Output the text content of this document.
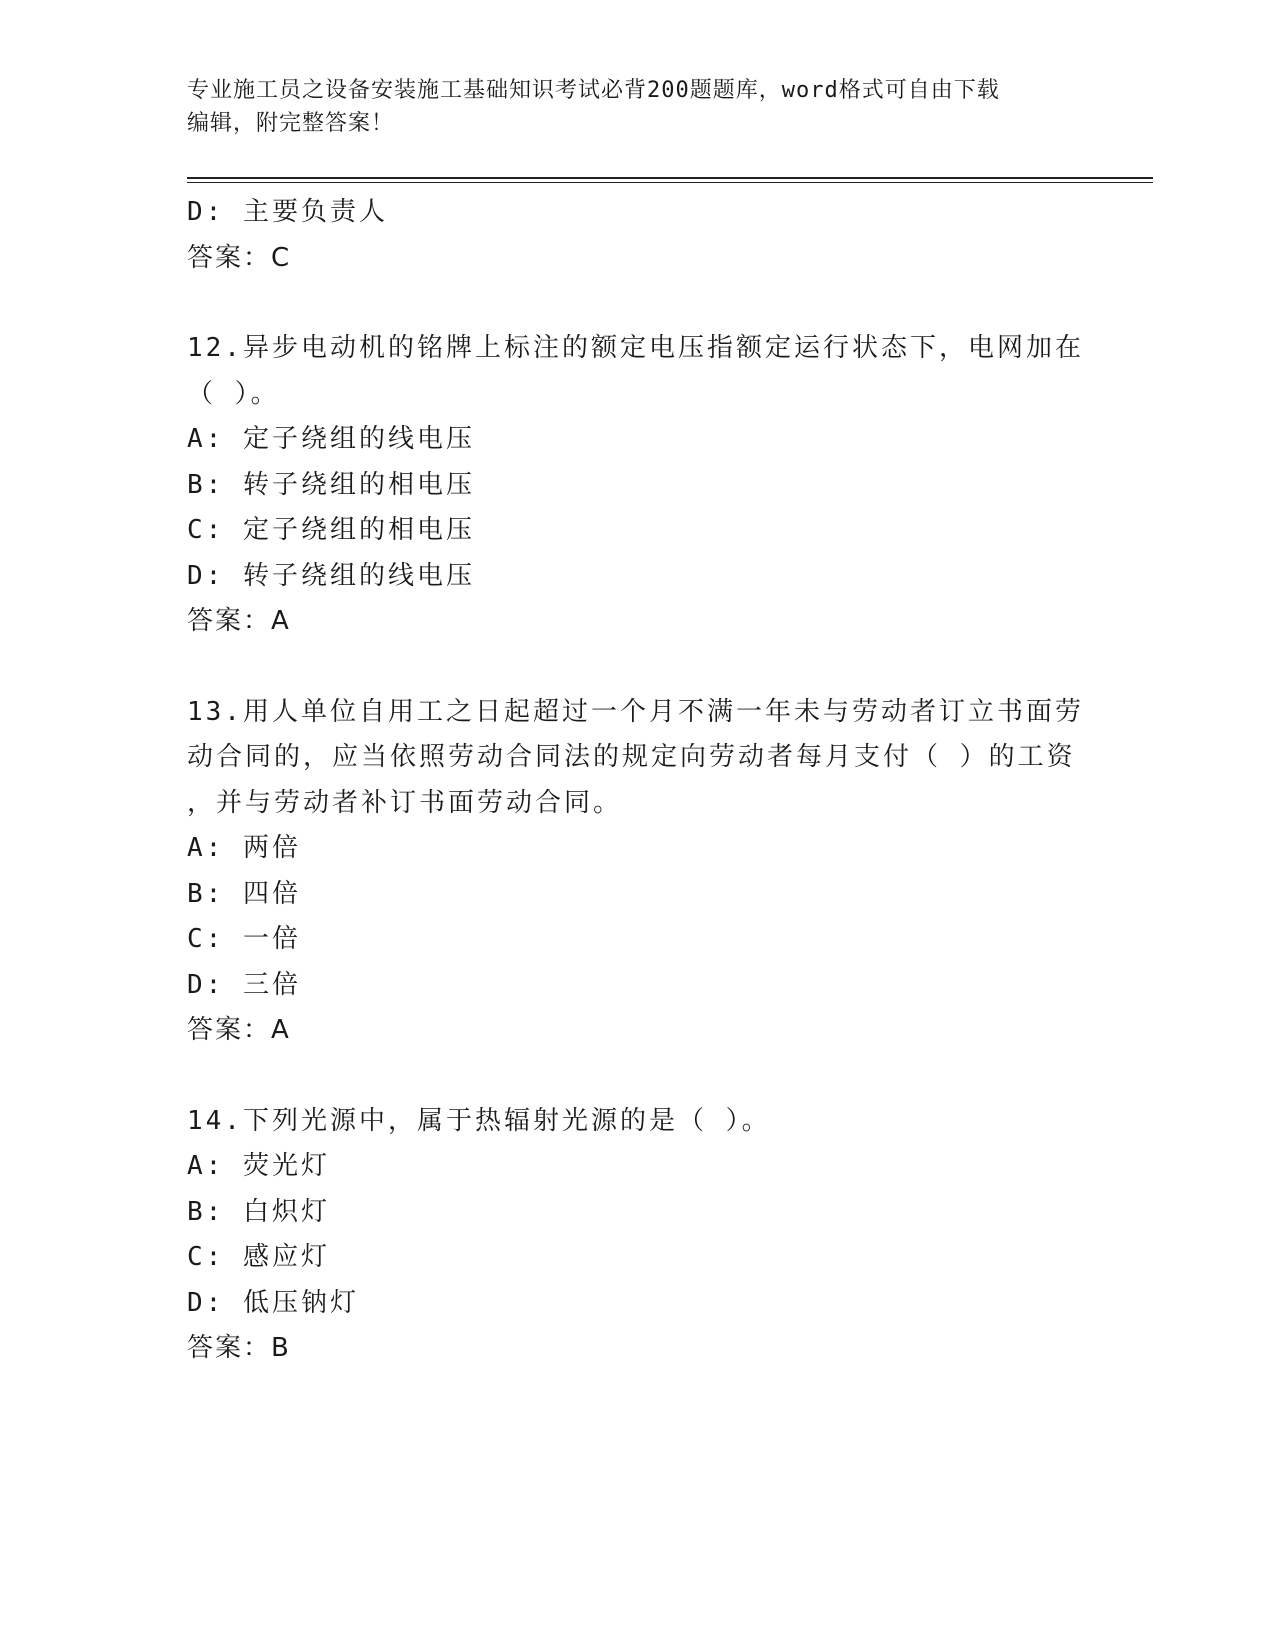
专业施工员之设备安装施工基础知识考试必背200题题库，word格式可自由下载
编辑，附完整答案！
D: 主要负责人
答案：C
12.异步电动机的铭牌上标注的额定电压指额定运行状态下，电网加在
（ ）。
A: 定子绕组的线电压
B: 转子绕组的相电压
C: 定子绕组的相电压
D: 转子绕组的线电压
答案：A
13.用人单位自用工之日起超过一个月不满一年未与劳动者订立书面劳
动合同的，应当依照劳动合同法的规定向劳动者每月支付（ ）的工资
，并与劳动者补订书面劳动合同。
A: 两倍
B: 四倍
C: 一倍
D: 三倍
答案：A
14.下列光源中，属于热辐射光源的是（ ）。
A: 荧光灯
B: 白炽灯
C: 感应灯
D: 低压钠灯
答案：B
